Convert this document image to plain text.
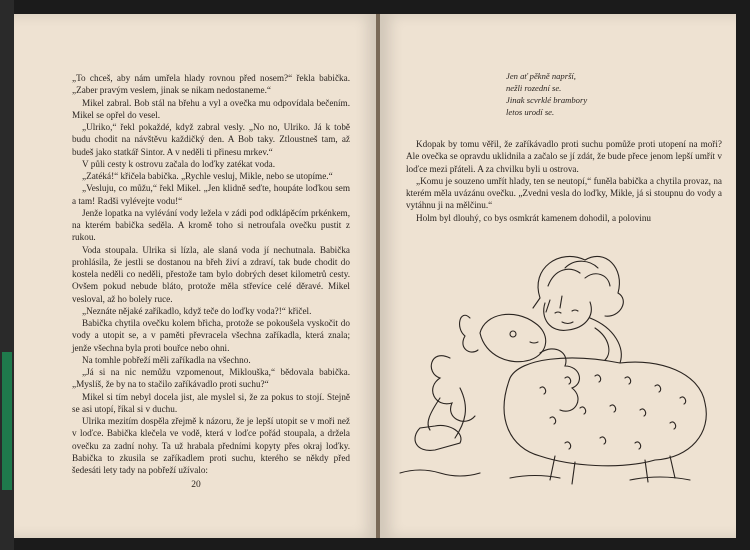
„To chceš, aby nám umřela hlady rovnou před nosem?“ řekla babička. „Zaber pravým veslem, jinak se nikam nedostaneme.“

Mikel zabral. Bob stál na břehu a vyl a ovečka mu odpovídala bečením. Mikel se opřel do vesel.

„Ulriko,“ řekl pokaždé, když zabral vesly. „No no, Ulriko. Já k tobě budu chodit na návštěvu každičký den. A Bob taky. Ztloustneš tam, až budeš jako statkář Sintor. A v neděli ti přinesu mrkev.“

V půli cesty k ostrovu začala do loďky zatékat voda.

„Zatéká!“ křičela babička. „Rychle vesluj, Mikle, nebo se utopíme.“

„Vesluju, co můžu,“ řekl Mikel. „Jen klidně seďte, houpáte loďkou sem a tam! Radši vylévejte vodu!“

Jenže lopatka na vylévání vody ležela v zádi pod odklápěcím prkénkem, na kterém babička seděla. A kromě toho si netroufala ovečku pustit z rukou.

Voda stoupala. Ulrika si lízla, ale slaná voda jí nechutnala. Babička prohlásila, že jestli se dostanou na břeh živí a zdraví, tak bude chodit do kostela neděli co neděli, přestože tam bylo dobrých deset kilometrů cesty. Ovšem pokud nebude bláto, protože měla střevíce celé děravé. Mikel vesloval, až ho bolely ruce.

„Neznáte nějaké zaříkadlo, když teče do loďky voda?!“ křičel.

Babička chytila ovečku kolem břicha, protože se pokoušela vyskočit do vody a utopit se, a v paměti převracela všechna zaříkadla, která znala; jenže všechna byla proti bouřce nebo ohni.

Na tomhle pobřeží měli zaříkadla na všechno.

„Já si na nic nemůžu vzpomenout, Miklouška,“ bědovala babička. „Myslíš, že by na to stačilo zaříkávadlo proti suchu?“

Mikel si tím nebyl docela jist, ale myslel si, že za pokus to stojí. Stejně se asi utopí, říkal si v duchu.

Ulrika mezitím dospěla zřejmě k názoru, že je lepší utopit se v moři než v loďce. Babička klečela ve vodě, která v loďce pořád stoupala, a držela ovečku za zadní nohy. Ta už hrabala předními kopyty přes okraj loďky. Babička to zkusila se zaříkadlem proti suchu, kterého se někdy před šedesáti lety tady na pobřeží užívalo:

20
Jen ať pěkně naprší,
nežli rozední se.
Jinak scvrklé brambory
letos urodí se.

Kdopak by tomu věřil, že zaříkávadlo proti suchu pomůže proti utopení na moři? Ale ovečka se opravdu uklidnila a začalo se jí zdát, že bude přece jenom lepší umřít v loďce mezi přáteli. A za chvilku byli u ostrova.

„Komu je souzeno umřít hlady, ten se neutopí,“ funěla babička a chytila provaz, na kterém měla uvázánu ovečku. „Zvedni vesla do loďky, Mikle, já si stoupnu do vody a vytáhnu ji na mělčinu.“

Holm byl dlouhý, co bys osmkrát kamenem dohodil, a polovinu
